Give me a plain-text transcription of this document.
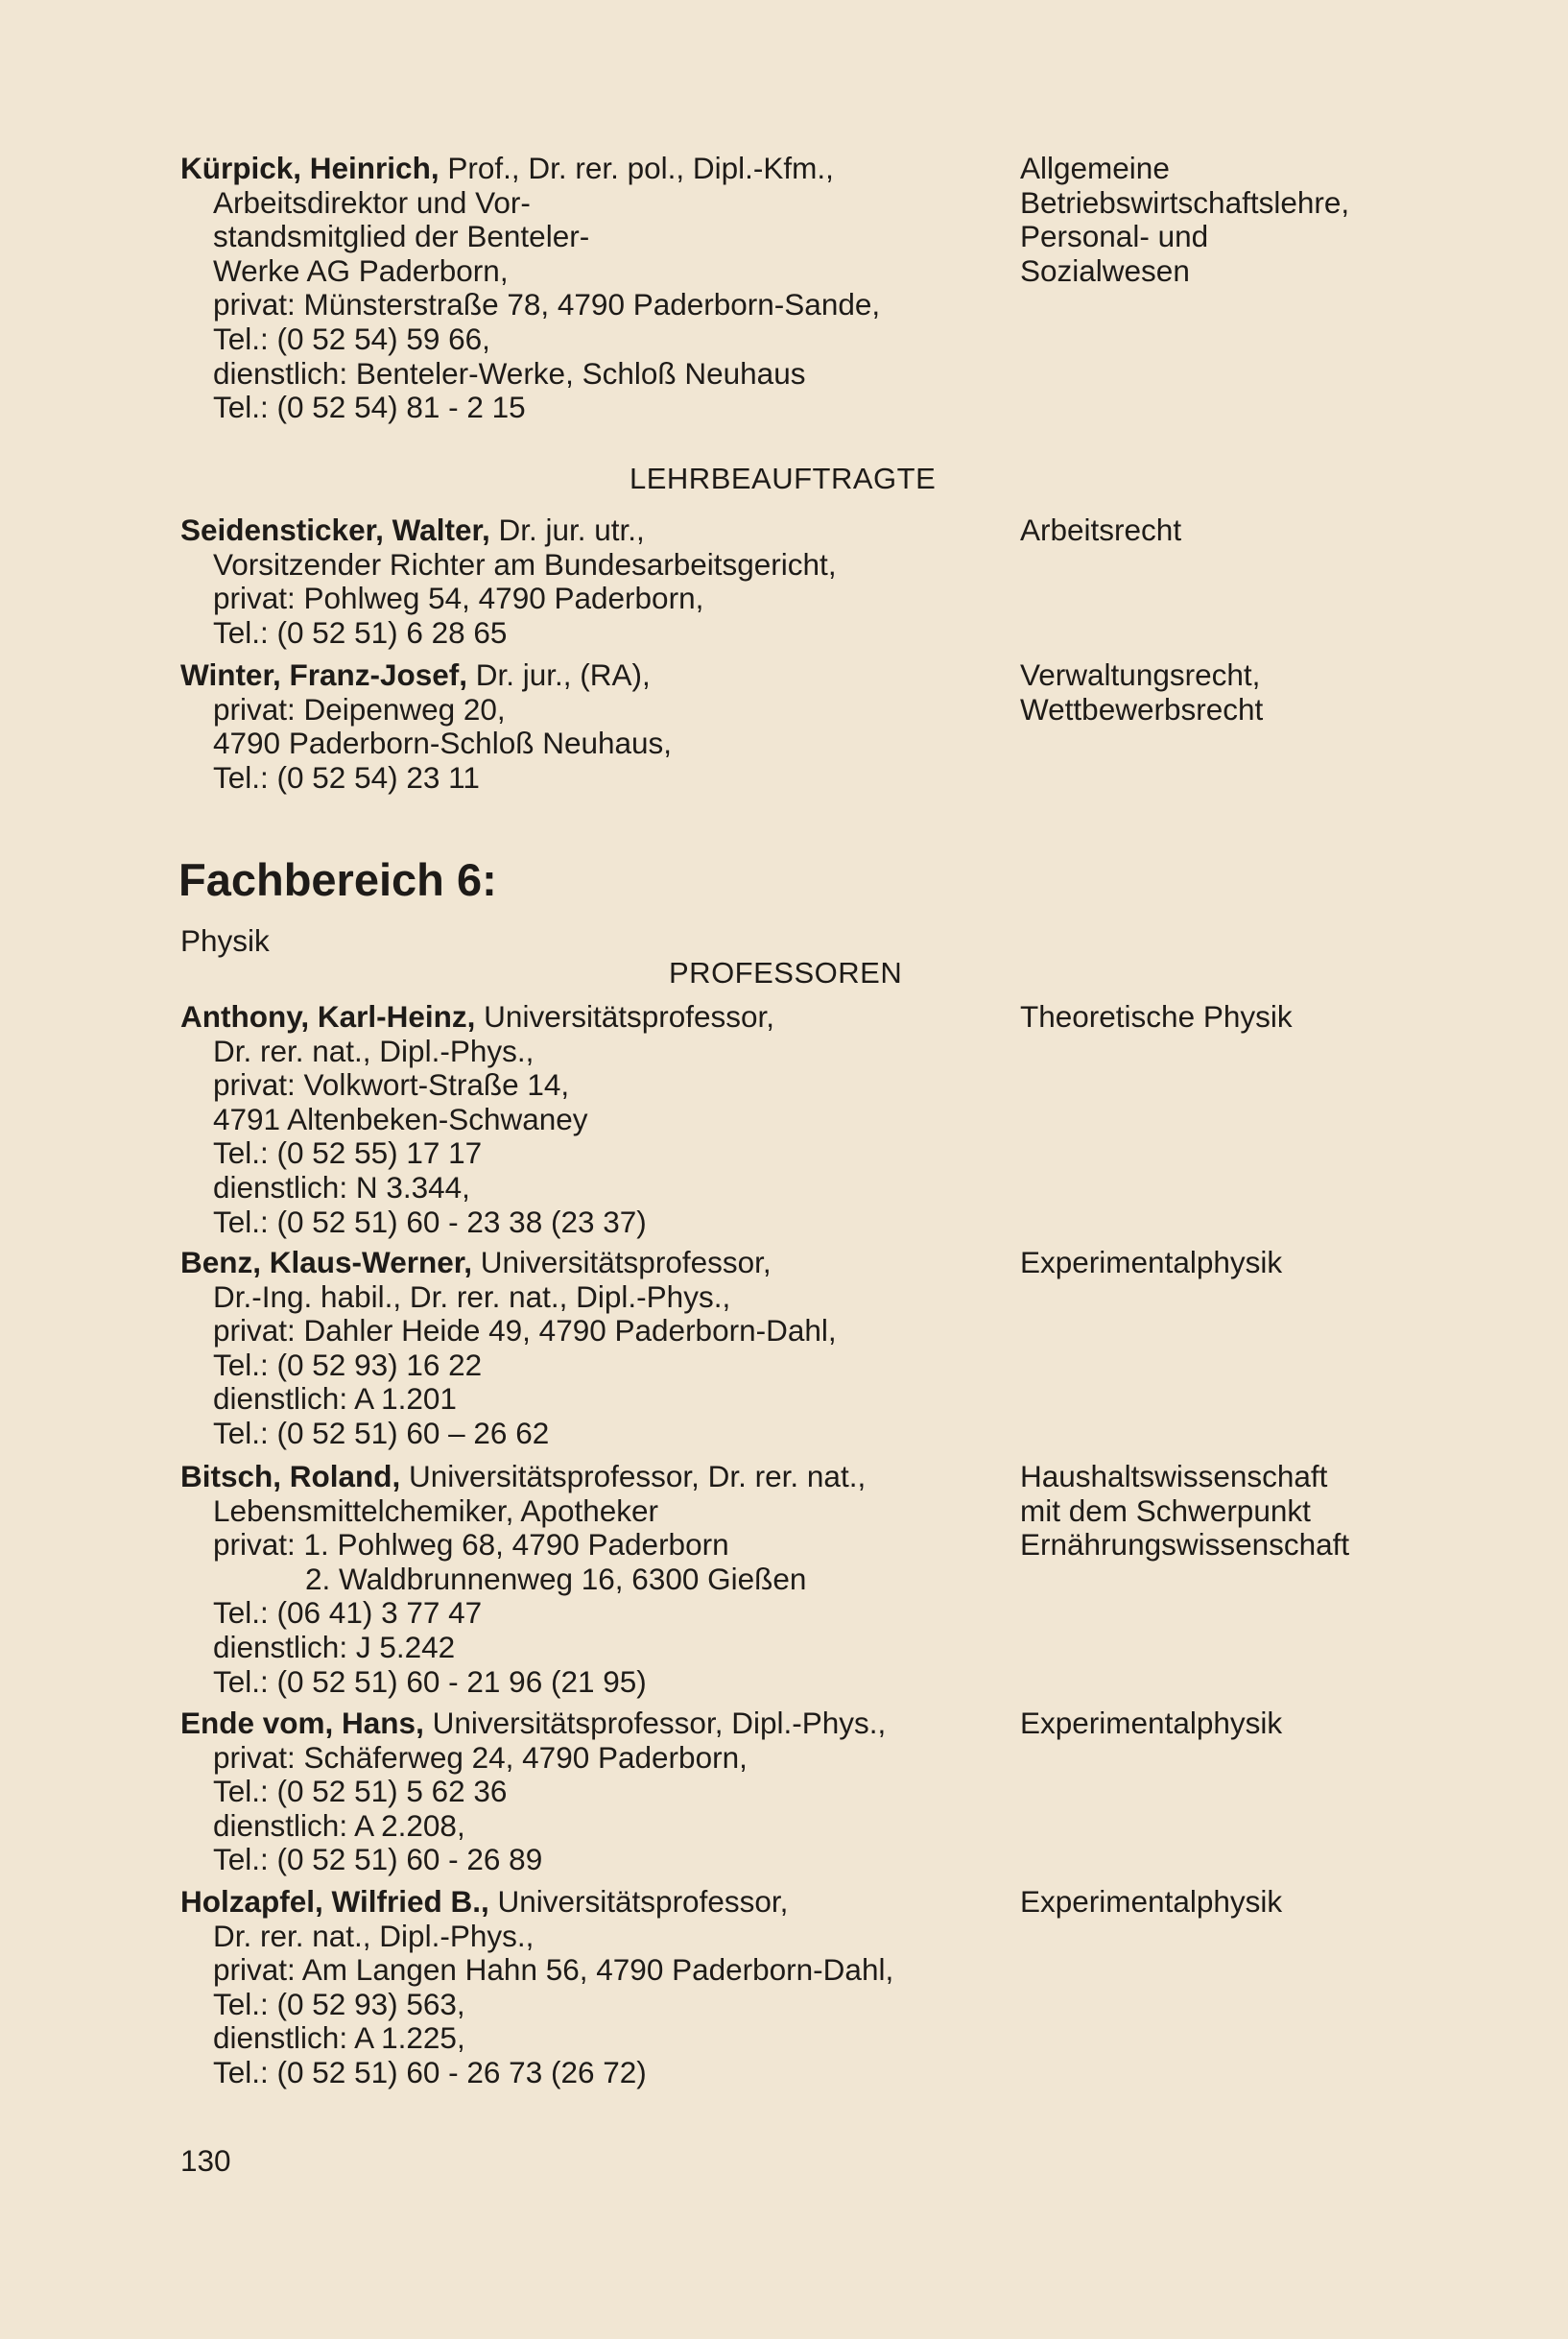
Kürpick, Heinrich, Prof., Dr. rer. pol., Dipl.-Kfm.,
Arbeitsdirektor und Vor-
standsmitglied der Benteler-
Werke AG Paderborn,
privat: Münsterstraße 78, 4790 Paderborn-Sande,
Tel.: (0 52 54) 59 66,
dienstlich: Benteler-Werke, Schloß Neuhaus
Tel.: (0 52 54) 81 - 2 15
Allgemeine
Betriebswirtschaftslehre,
Personal- und
Sozialwesen
LEHRBEAUFTRAGTE
Seidensticker, Walter, Dr. jur. utr.,
Vorsitzender Richter am Bundesarbeitsgericht,
privat: Pohlweg 54, 4790 Paderborn,
Tel.: (0 52 51) 6 28 65
Arbeitsrecht
Winter, Franz-Josef, Dr. jur., (RA),
privat: Deipenweg 20,
4790 Paderborn-Schloß Neuhaus,
Tel.: (0 52 54) 23 11
Verwaltungsrecht,
Wettbewerbsrecht
Fachbereich 6:
Physik
PROFESSOREN
Anthony, Karl-Heinz, Universitätsprofessor,
Dr. rer. nat., Dipl.-Phys.,
privat: Volkwort-Straße 14,
4791 Altenbeken-Schwaney
Tel.: (0 52 55) 17 17
dienstlich: N 3.344,
Tel.: (0 52 51) 60 - 23 38 (23 37)
Theoretische Physik
Benz, Klaus-Werner, Universitätsprofessor,
Dr.-Ing. habil., Dr. rer. nat., Dipl.-Phys.,
privat: Dahler Heide 49, 4790 Paderborn-Dahl,
Tel.: (0 52 93) 16 22
dienstlich: A 1.201
Tel.: (0 52 51) 60 – 26 62
Experimentalphysik
Bitsch, Roland, Universitätsprofessor, Dr. rer. nat.,
Lebensmittelchemiker, Apotheker
privat: 1. Pohlweg 68, 4790 Paderborn
2. Waldbrunnenweg 16, 6300 Gießen
Tel.: (06 41) 3 77 47
dienstlich: J 5.242
Tel.: (0 52 51) 60 - 21 96 (21 95)
Haushaltswissenschaft
mit dem Schwerpunkt
Ernährungswissenschaft
Ende vom, Hans, Universitätsprofessor, Dipl.-Phys.,
privat: Schäferweg 24, 4790 Paderborn,
Tel.: (0 52 51) 5 62 36
dienstlich: A 2.208,
Tel.: (0 52 51) 60 - 26 89
Experimentalphysik
Holzapfel, Wilfried B., Universitätsprofessor,
Dr. rer. nat., Dipl.-Phys.,
privat: Am Langen Hahn 56, 4790 Paderborn-Dahl,
Tel.: (0 52 93) 563,
dienstlich: A 1.225,
Tel.: (0 52 51) 60 - 26 73 (26 72)
Experimentalphysik
130
